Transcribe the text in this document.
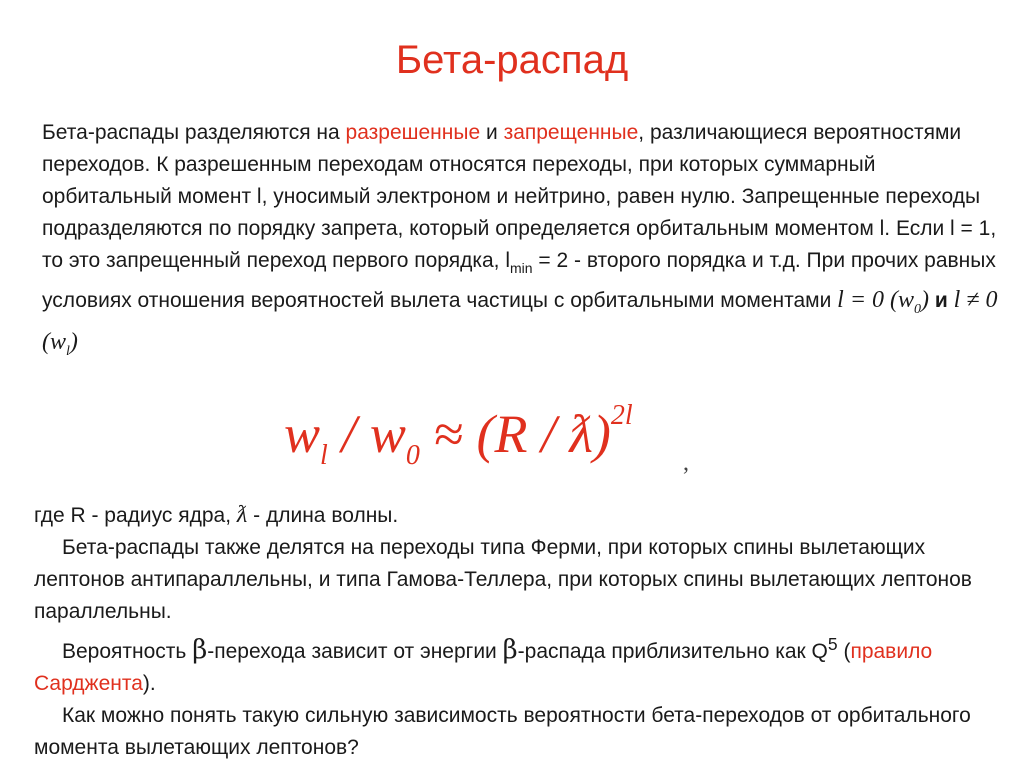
Бета-распад
Бета-распады разделяются на разрешенные и запрещенные, различающиеся вероятностями переходов. К разрешенным переходам относятся переходы, при которых суммарный орбитальный момент l, уносимый электроном и нейтрино, равен нулю. Запрещенные переходы подразделяются по порядку запрета, который определяется орбитальным моментом l. Если l = 1, то это запрещенный переход первого порядка, $l_{min} = 2$ - второго порядка и т.д. При прочих равных условиях отношения вероятностей вылета частицы с орбитальными моментами l = 0 $(w_0)$ и l ≠ 0 $(w_l)$
$w_l / w_0 \approx (R$ / ƛ)$^{2l}$
,

где R - радиус ядра, ƛ - длина волны.

Бета-распады также делятся на переходы типа Ферми, при которых спины вылетающих лептонов антипараллельны, и типа Гамова-Теллера, при которых спины вылетающих лептонов параллельны.

Вероятность β-перехода зависит от энергии β-распада приблизительно как $Q^5$ (правило Сарджента).

Как можно понять такую сильную зависимость вероятности бета-переходов от орбитального момента вылетающих лептонов?
